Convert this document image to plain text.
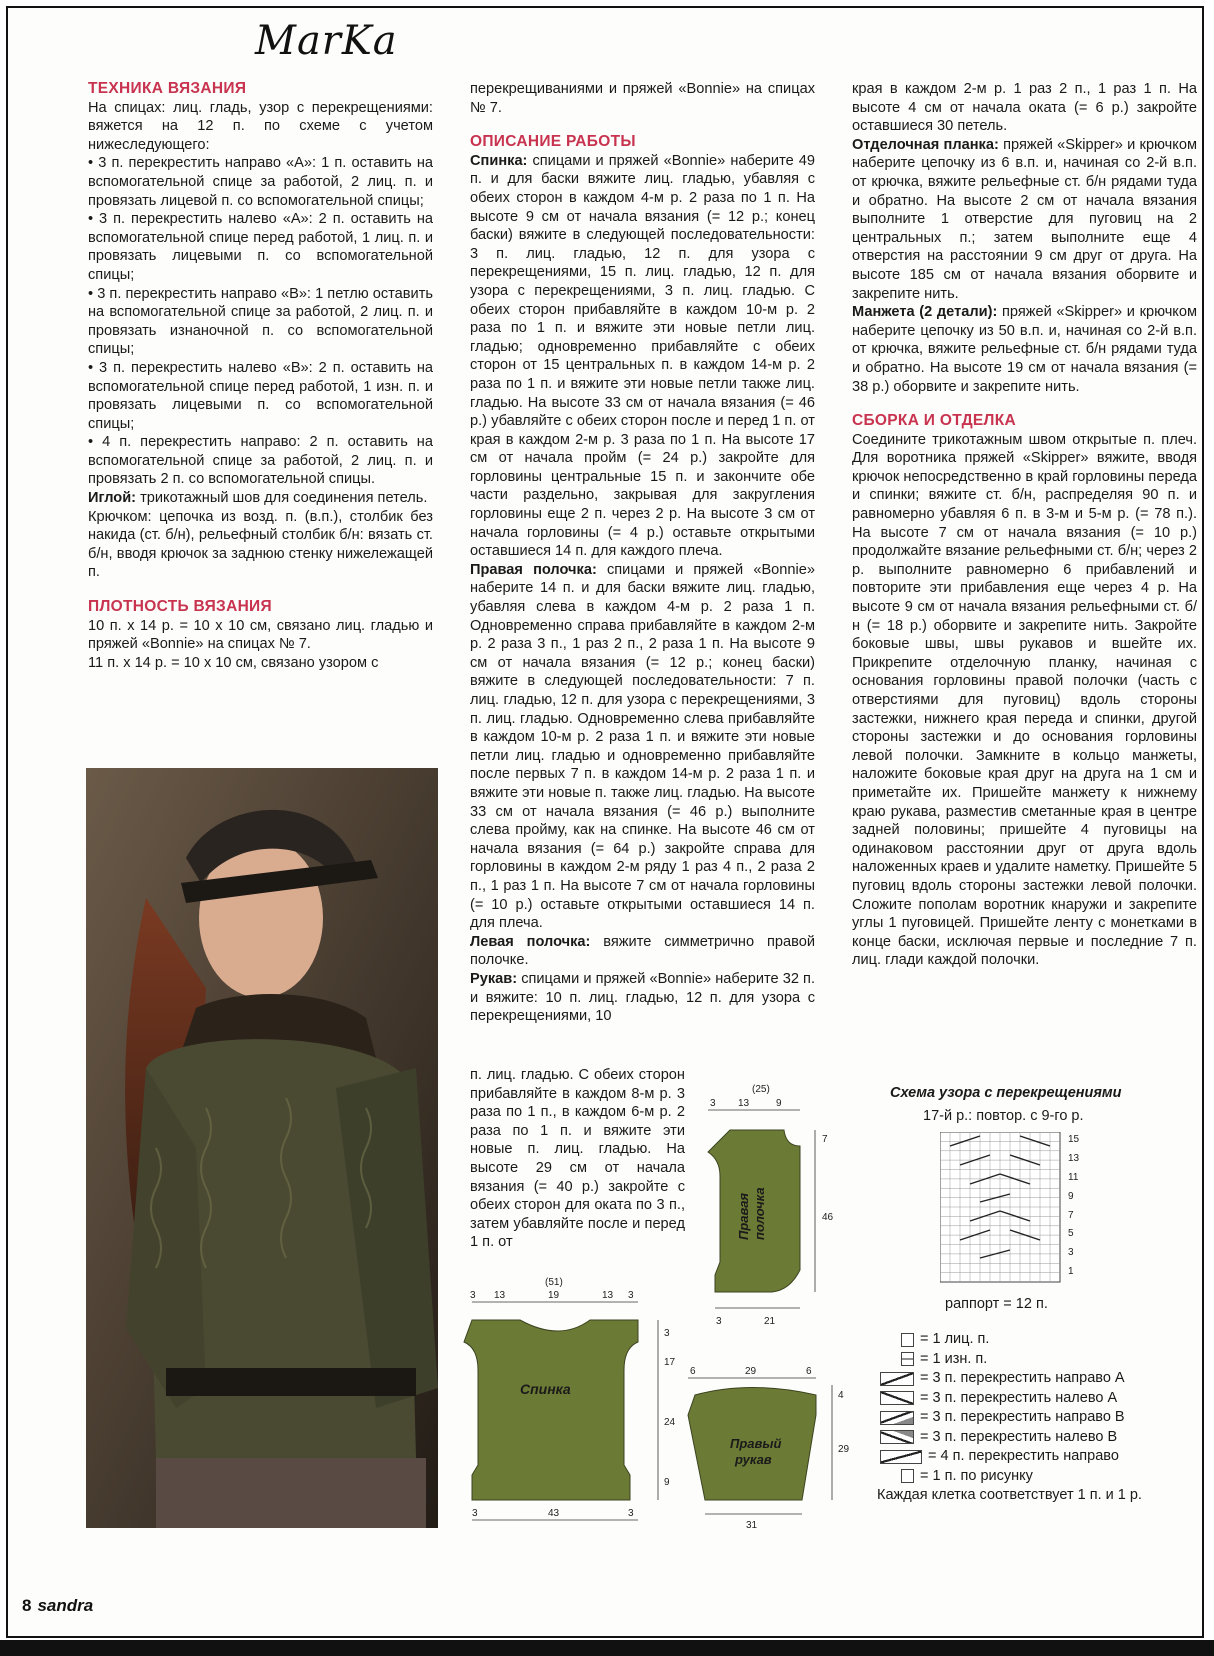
MarKa

ТЕХНИКА ВЯЗАНИЯ

На спицах: лиц. гладь, узор с перекрещениями: вяжется на 12 п. по схеме с учетом нижеследующего:

• 3 п. перекрестить направо «А»: 1 п. оставить на вспомогательной спице за работой, 2 лиц. п. и провязать лицевой п. со вспомогательной спицы;

• 3 п. перекрестить налево «А»: 2 п. оставить на вспомогательной спице перед работой, 1 лиц. п. и провязать лицевыми п. со вспомогательной спицы;

• 3 п. перекрестить направо «В»: 1 петлю оставить на вспомогательной спице за работой, 2 лиц. п. и провязать изнаночной п. со вспомогательной спицы;

• 3 п. перекрестить налево «В»: 2 п. оставить на вспомогательной спице перед работой, 1 изн. п. и провязать лицевыми п. со вспомогательной спицы;

• 4 п. перекрестить направо: 2 п. оставить на вспомогательной спице за работой, 2 лиц. п. и провязать 2 п. со вспомогательной спицы.

Иглой: трикотажный шов для соединения петель.

Крючком: цепочка из возд. п. (в.п.), столбик без накида (ст. б/н), рельефный столбик б/н: вязать ст. б/н, вводя крючок за заднюю стенку нижележащей п.

ПЛОТНОСТЬ ВЯЗАНИЯ

10 п. x 14 р. = 10 x 10 см, связано лиц. гладью и пряжей «Bonnie» на спицах № 7.

11 п. x 14 р. = 10 x 10 см, связано узором с

перекрещиваниями и пряжей «Bonnie» на спицах № 7.

ОПИСАНИЕ РАБОТЫ

Спинка: спицами и пряжей «Bonnie» наберите 49 п. и для баски вяжите лиц. гладью, убавляя с обеих сторон в каждом 4-м р. 2 раза по 1 п. На высоте 9 см от начала вязания (= 12 р.; конец баски) вяжите в следующей последовательности: 3 п. лиц. гладью, 12 п. для узора с перекрещениями, 15 п. лиц. гладью, 12 п. для узора с перекрещениями, 3 п. лиц. гладью. С обеих сторон прибавляйте в каждом 10-м р. 2 раза по 1 п. и вяжите эти новые петли лиц. гладью; одновременно прибавляйте с обеих сторон от 15 центральных п. в каждом 14-м р. 2 раза по 1 п. и вяжите эти новые петли также лиц. гладью. На высоте 33 см от начала вязания (= 46 р.) убавляйте с обеих сторон после и перед 1 п. от края в каждом 2-м р. 3 раза по 1 п. На высоте 17 см от начала пройм (= 24 р.) закройте для горловины центральные 15 п. и закончите обе части раздельно, закрывая для закругления горловины еще 2 п. через 2 р. На высоте 3 см от начала горловины (= 4 р.) оставьте открытыми оставшиеся 14 п. для каждого плеча.

Правая полочка: спицами и пряжей «Bonnie» наберите 14 п. и для баски вяжите лиц. гладью, убавляя слева в каждом 4-м р. 2 раза 1 п. Одновременно справа прибавляйте в каждом 2-м р. 2 раза 3 п., 1 раз 2 п., 2 раза 1 п. На высоте 9 см от начала вязания (= 12 р.; конец баски) вяжите в следующей последовательности: 7 п. лиц. гладью, 12 п. для узора с перекрещениями, 3 п. лиц. гладью. Одновременно слева прибавляйте в каждом 10-м р. 2 раза 1 п. и вяжите эти новые петли лиц. гладью и одновременно прибавляйте после первых 7 п. в каждом 14-м р. 2 раза 1 п. и вяжите эти новые п. также лиц. гладью. На высоте 33 см от начала вязания (= 46 р.) выполните слева пройму, как на спинке. На высоте 46 см от начала вязания (= 64 р.) закройте справа для горловины в каждом 2-м ряду 1 раз 4 п., 2 раза 2 п., 1 раз 1 п. На высоте 7 см от начала горловины (= 10 р.) оставьте открытыми оставшиеся 14 п. для плеча.

Левая полочка: вяжите симметрично правой полочке.

Рукав: спицами и пряжей «Bonnie» наберите 32 п. и вяжите: 10 п. лиц. гладью, 12 п. для узора с перекрещениями, 10

п. лиц. гладью. С обеих сторон прибавляйте в каждом 8-м р. 3 раза по 1 п., в каждом 6-м р. 2 раза по 1 п. и вяжите эти новые п. лиц. гладью. На высоте 29 см от начала вязания (= 40 р.) закройте с обеих сторон для оката по 3 п., затем убавляйте после и перед 1 п. от

края в каждом 2-м р. 1 раз 2 п., 1 раз 1 п. На высоте 4 см от начала оката (= 6 р.) закройте оставшиеся 30 петель.

Отделочная планка: пряжей «Skipper» и крючком наберите цепочку из 6 в.п. и, начиная со 2-й в.п. от крючка, вяжите рельефные ст. б/н рядами туда и обратно. На высоте 2 см от начала вязания выполните 1 отверстие для пуговиц на 2 центральных п.; затем выполните еще 4 отверстия на расстоянии 9 см друг от друга. На высоте 185 см от начала вязания оборвите и закрепите нить.

Манжета (2 детали): пряжей «Skipper» и крючком наберите цепочку из 50 в.п. и, начиная со 2-й в.п. от крючка, вяжите рельефные ст. б/н рядами туда и обратно. На высоте 19 см от начала вязания (= 38 р.) оборвите и закрепите нить.

СБОРКА И ОТДЕЛКА

Соедините трикотажным швом открытые п. плеч. Для воротника пряжей «Skipper» вяжите, вводя крючок непосредственно в край горловины переда и спинки; вяжите ст. б/н, распределяя 90 п. и равномерно убавляя 6 п. в 3-м и 5-м р. (= 78 п.). На высоте 7 см от начала вязания (= 10 р.) продолжайте вязание рельефными ст. б/н; через 2 р. выполните равномерно 6 прибавлений и повторите эти прибавления еще через 4 р. На высоте 9 см от начала вязания рельефными ст. б/н (= 18 р.) оборвите и закрепите нить. Закройте боковые швы, швы рукавов и вшейте их. Прикрепите отделочную планку, начиная с основания горловины правой полочки (часть с отверстиями для пуговиц) вдоль стороны застежки, нижнего края переда и спинки, другой стороны застежки и до основания горловины левой полочки. Замкните в кольцо манжеты, наложите боковые края друг на друга на 1 см и приметайте их. Пришейте манжету к нижнему краю рукава, разместив сметанные края в центре задней половины; пришейте 4 пуговицы на одинаковом расстоянии друг от друга вдоль наложенных краев и удалите наметку. Пришейте 5 пуговиц вдоль стороны застежки левой полочки. Сложите пополам воротник кнаружи и закрепите углы 1 пуговицей. Пришейте ленту с монетками в конце баски, исключая первые и последние 7 п. лиц. глади каждой полочки.

Спинка
Правая полочка
Правый
рукав
(51)
3 13	19	13 3
3
17
24
9
3	43	3
(25)
3 13	9
7
46
3	21
6	29	6
4
29
31
Схема узора с перекрещениями
17-й р.: повтор. с 9-го р.
15
13
11
9
7
5
3
1
раппорт = 12 п.
= 1 лиц. п.
= 1 изн. п.
= 3 п. перекрестить направо А
= 3 п. перекрестить налево А
= 3 п. перекрестить направо В
= 3 п. перекрестить налево В
= 4 п. перекрестить направо
= 1 п. по рисунку
Каждая клетка соответствует 1 п. и 1 р.
8 sandra
